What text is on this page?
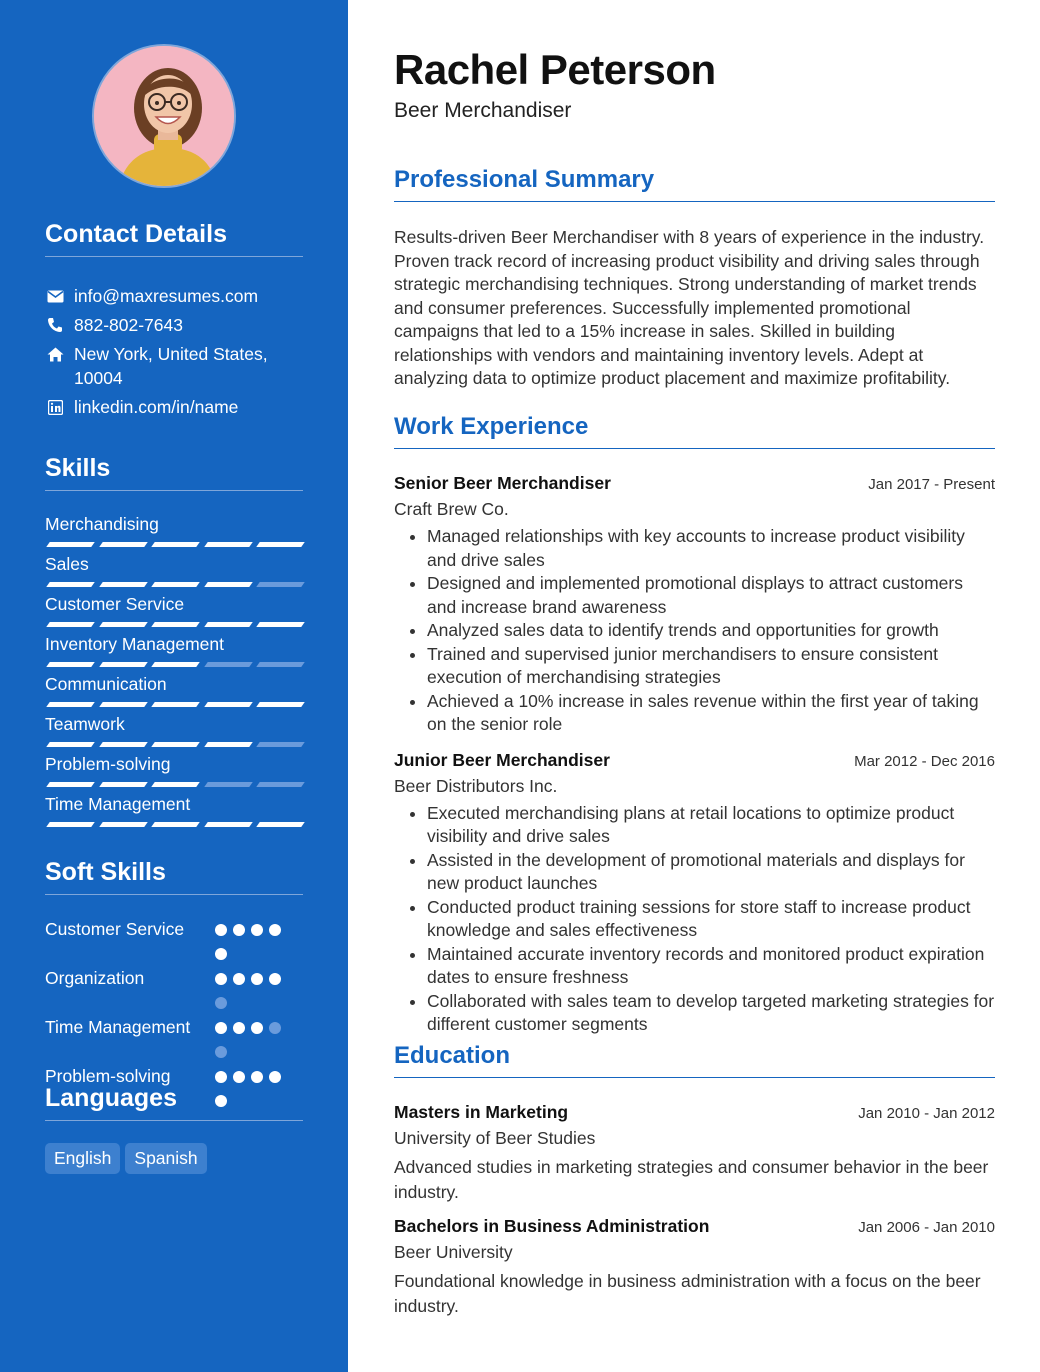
Contact Details
info@maxresumes.com
882-802-7643
New York, United States, 10004
linkedin.com/in/name
Skills
Merchandising
Sales
Customer Service
Inventory Management
Communication
Teamwork
Problem-solving
Time Management
Soft Skills
Customer Service
Organization
Time Management
Problem-solving
Languages
English	Spanish
Rachel Peterson
Beer Merchandiser
Professional Summary

Results-driven Beer Merchandiser with 8 years of experience in the industry. Proven track record of increasing product visibility and driving sales through strategic merchandising techniques. Strong understanding of market trends and consumer preferences. Successfully implemented promotional campaigns that led to a 15% increase in sales. Skilled in building relationships with vendors and maintaining inventory levels. Adept at analyzing data to optimize product placement and maximize profitability.

Work Experience
Senior Beer Merchandiser	Jan 2017 - Present
Craft Brew Co.
• Managed relationships with key accounts to increase product visibility and drive sales
• Designed and implemented promotional displays to attract customers and increase brand awareness
• Analyzed sales data to identify trends and opportunities for growth
• Trained and supervised junior merchandisers to ensure consistent execution of merchandising strategies
• Achieved a 10% increase in sales revenue within the first year of taking on the senior role
Junior Beer Merchandiser	Mar 2012 - Dec 2016
Beer Distributors Inc.
• Executed merchandising plans at retail locations to optimize product visibility and drive sales
• Assisted in the development of promotional materials and displays for new product launches
• Conducted product training sessions for store staff to increase product knowledge and sales effectiveness
• Maintained accurate inventory records and monitored product expiration dates to ensure freshness
• Collaborated with sales team to develop targeted marketing strategies for different customer segments
Education
Masters in Marketing	Jan 2010 - Jan 2012
University of Beer Studies

Advanced studies in marketing strategies and consumer behavior in the beer industry.

Bachelors in Business Administration	Jan 2006 - Jan 2010
Beer University

Foundational knowledge in business administration with a focus on the beer industry.
